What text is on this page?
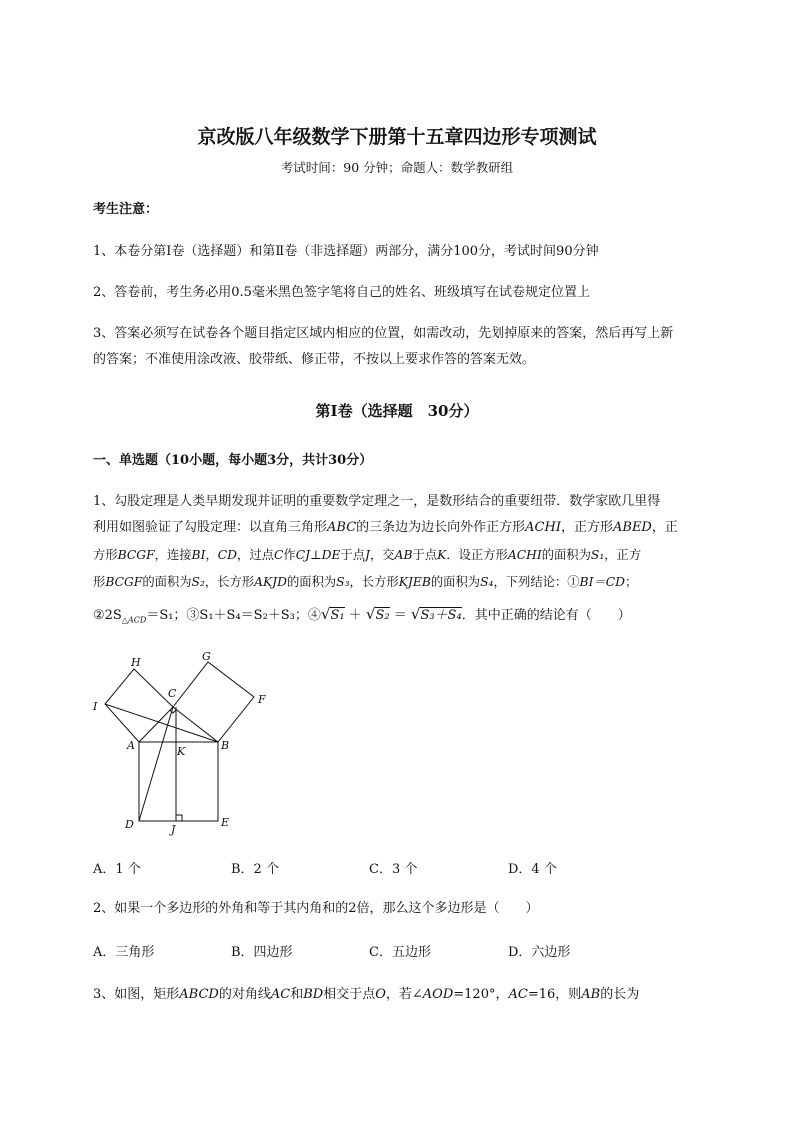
京改版八年级数学下册第十五章四边形专项测试
考试时间：90 分钟；命题人：数学教研组
考生注意：
1、本卷分第Ⅰ卷（选择题）和第Ⅱ卷（非选择题）两部分，满分100分，考试时间90分钟
2、答卷前，考生务必用0.5毫米黑色签字笔将自己的姓名、班级填写在试卷规定位置上
3、答案必须写在试卷各个题目指定区域内相应的位置，如需改动，先划掉原来的答案，然后再写上新
的答案；不准使用涂改液、胶带纸、修正带，不按以上要求作答的答案无效。
第Ⅰ卷（选择题　30分）
一、单选题（10小题，每小题3分，共计30分）
1、勾股定理是人类早期发现并证明的重要数学定理之一，是数形结合的重要纽带．数学家欧几里得
利用如图验证了勾股定理：以直角三角形ABC的三条边为边长向外作正方形ACHI，正方形ABED，正
方形BCGF，连接BI，CD，过点C作CJ⊥DE于点J，交AB于点K．设正方形ACHI的面积为S₁，正方
形BCGF的面积为S₂，长方形AKJD的面积为S₃，长方形KJEB的面积为S₄，下列结论：①BI＝CD；
$②2S_{\triangle ACD}=S_1$；③S₁＋S₄＝S₂＋S₃；④√S₁ ＋ √S₂ ＝ √S₃＋S₄．其中正确的结论有（　　）
H	G
C
I
F
A	B
K
D	J
E
A．1 个	B．2 个	C．3 个	D．4 个
2、如果一个多边形的外角和等于其内角和的2倍，那么这个多边形是（　　）
A．三角形	B．四边形	C．五边形	D．六边形
3、如图，矩形ABCD的对角线AC和BD相交于点O，若∠AOD=120°，AC=16，则AB的长为
